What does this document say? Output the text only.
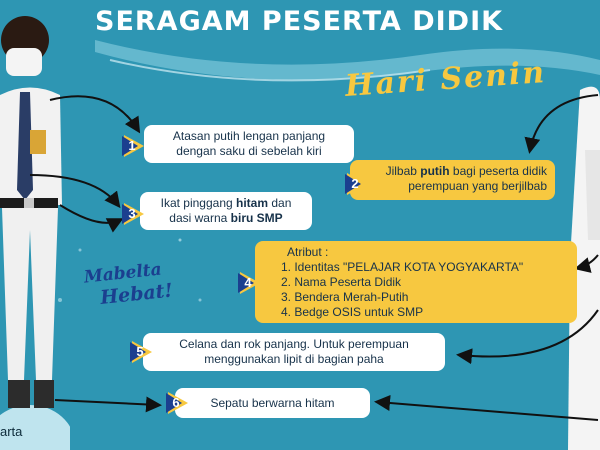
SERAGAM PESERTA DIDIK
Hari Senin
Mabelta
Hebat!
arta
Atasan putih lengan panjang dengan saku di sebelah kiri
1
Jilbab putih bagi peserta didik perempuan yang berjilbab
2
Ikat pinggang hitam dan dasi warna biru SMP
3
Atribut :
1. Identitas "PELAJAR KOTA YOGYAKARTA"
2. Nama Peserta Didik
3. Bendera Merah-Putih
4. Bedge OSIS untuk SMP
4
Celana dan rok panjang. Untuk perempuan menggunakan lipit di bagian paha
5
Sepatu berwarna hitam
6
